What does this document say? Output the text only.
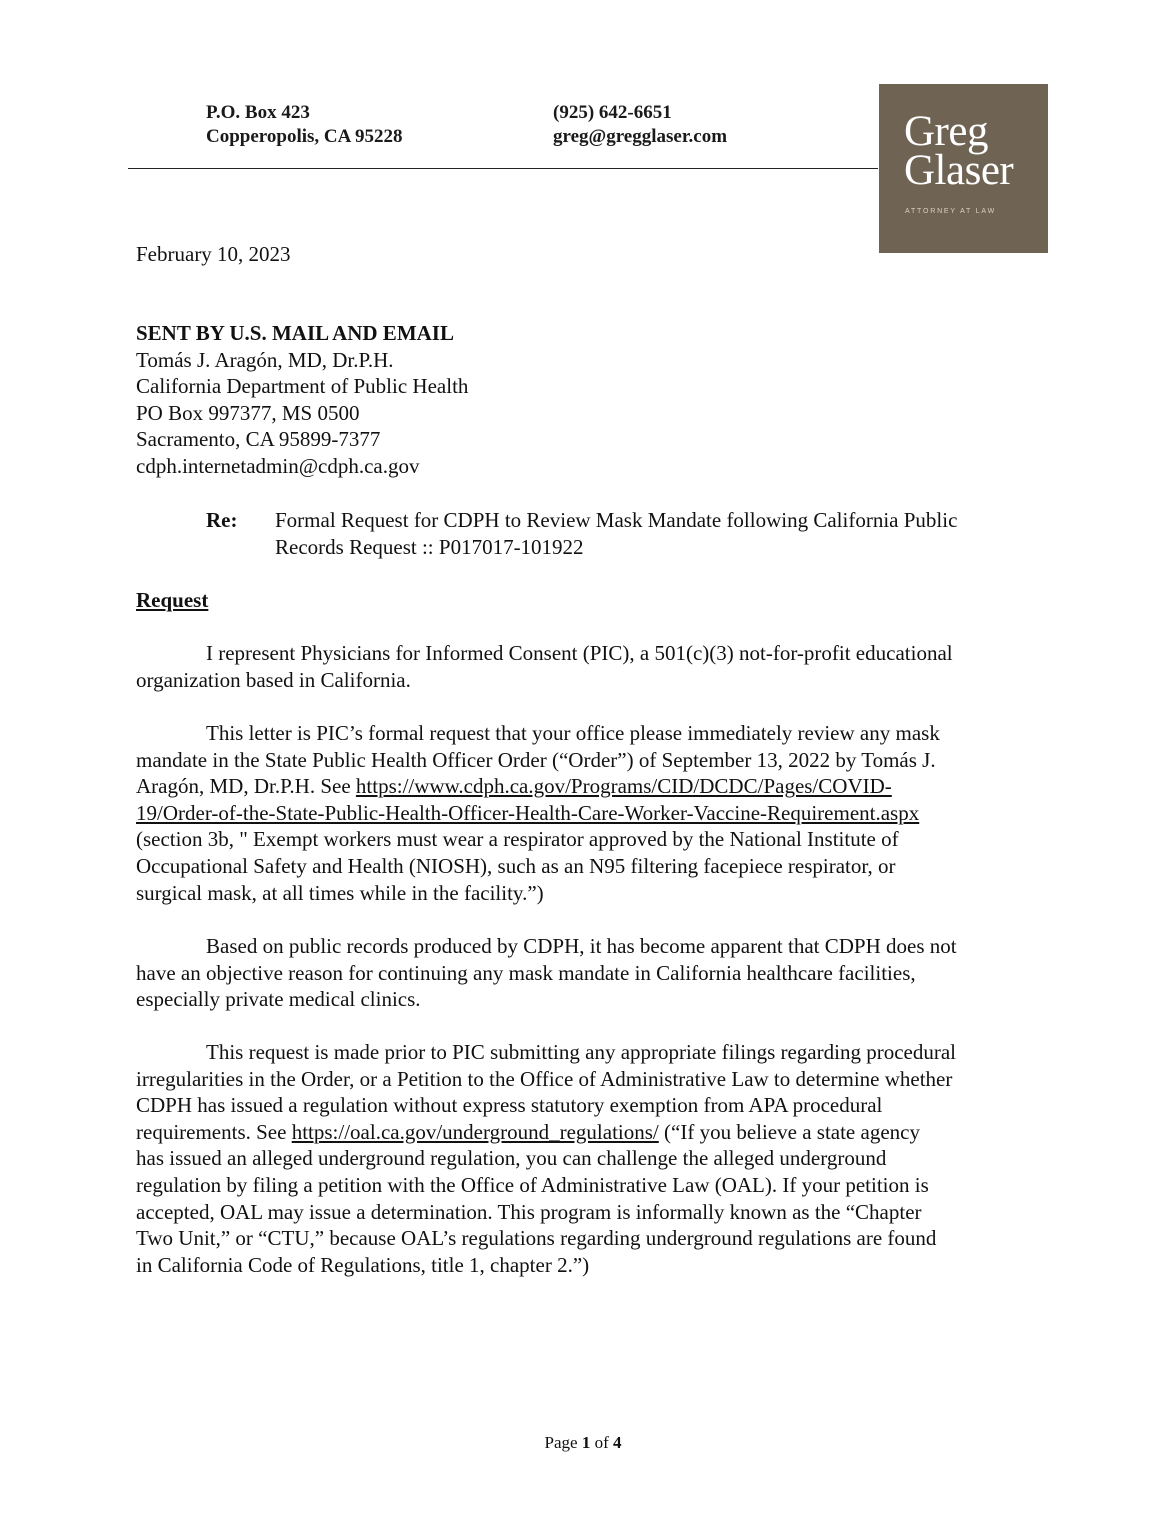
P.O. Box 423
Copperopolis, CA 95228
(925) 642-6651
greg@gregglaser.com	Greg
Glaser
ATTORNEY AT LAW
February 10, 2023
SENT BY U.S. MAIL AND EMAIL
Tomás J. Aragón, MD, Dr.P.H.
California Department of Public Health
PO Box 997377, MS 0500
Sacramento, CA 95899-7377
cdph.internetadmin@cdph.ca.gov
Re: Formal Request for CDPH to Review Mask Mandate following California Public
Records Request :: P017017-101922
Request
I represent Physicians for Informed Consent (PIC), a 501(c)(3) not-for-profit educational
organization based in California.
This letter is PIC’s formal request that your office please immediately review any mask
mandate in the State Public Health Officer Order (“Order”) of September 13, 2022 by Tomás J.
Aragón, MD, Dr.P.H. See https://www.cdph.ca.gov/Programs/CID/DCDC/Pages/COVID-
19/Order-of-the-State-Public-Health-Officer-Health-Care-Worker-Vaccine-Requirement.aspx
(section 3b, " Exempt workers must wear a respirator approved by the National Institute of
Occupational Safety and Health (NIOSH), such as an N95 filtering facepiece respirator, or
surgical mask, at all times while in the facility.”)
Based on public records produced by CDPH, it has become apparent that CDPH does not
have an objective reason for continuing any mask mandate in California healthcare facilities,
especially private medical clinics.
This request is made prior to PIC submitting any appropriate filings regarding procedural
irregularities in the Order, or a Petition to the Office of Administrative Law to determine whether
CDPH has issued a regulation without express statutory exemption from APA procedural
requirements. See https://oal.ca.gov/underground_regulations/ (“If you believe a state agency
has issued an alleged underground regulation, you can challenge the alleged underground
regulation by filing a petition with the Office of Administrative Law (OAL). If your petition is
accepted, OAL may issue a determination. This program is informally known as the “Chapter
Two Unit,” or “CTU,” because OAL’s regulations regarding underground regulations are found
in California Code of Regulations, title 1, chapter 2.”)
Page 1 of 4
